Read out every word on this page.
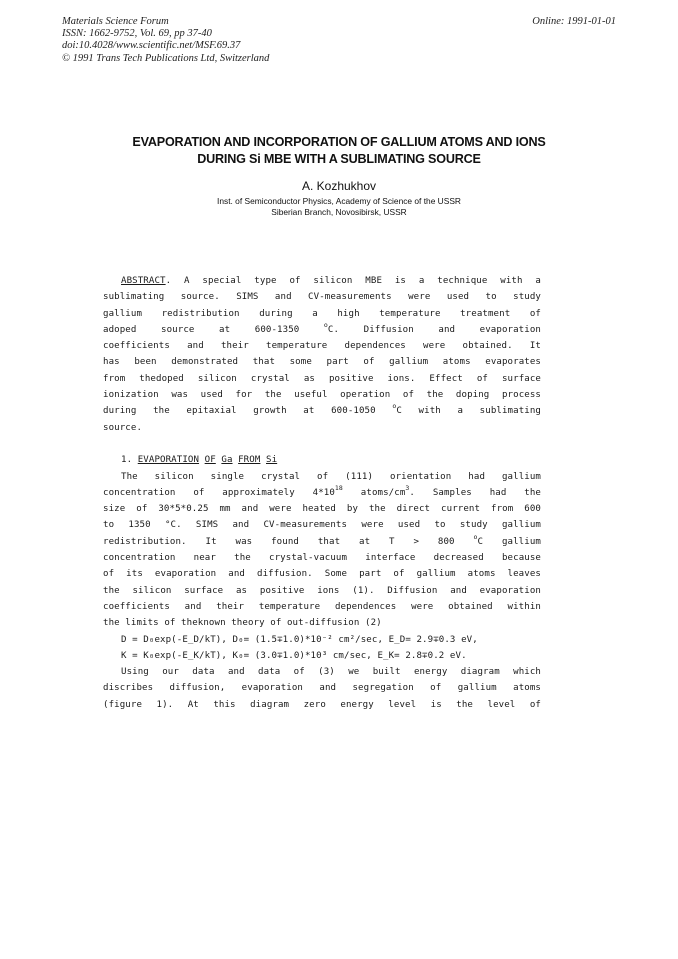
Materials Science Forum
ISSN: 1662-9752, Vol. 69, pp 37-40
doi:10.4028/www.scientific.net/MSF.69.37
© 1991 Trans Tech Publications Ltd, Switzerland
Online: 1991-01-01
EVAPORATION AND INCORPORATION OF GALLIUM ATOMS AND IONS
DURING Si MBE WITH A SUBLIMATING SOURCE
A. Kozhukhov
Inst. of Semiconductor Physics, Academy of Science of the USSR
Siberian Branch, Novosibirsk, USSR
ABSTRACT. A special type of silicon MBE is a technique with a
sublimating source. SIMS and CV-measurements were used to study
gallium redistribution during a high temperature treatment of
adoped source at 600-1350 $^o$C. Diffusion and evaporation
coefficients and their temperature dependences were obtained. It
has been demonstrated that some part of gallium atoms evaporates
from thedoped silicon crystal as positive ions. Effect of surface
ionization was used for the useful operation of the doping process
during the epitaxial growth at 600-1050 $^o$C with a sublimating
source.
1. EVAPORATION OF Ga FROM Si
The silicon single crystal of (111) orientation had gallium
concentration of approximately $4*10^{18}$ atoms/$cm^3$. Samples had the
size of 30*5*0.25 mm and were heated by the direct current from 600
to 1350 °C. SIMS and CV-measurements were used to study gallium
redistribution. It was found that at T > 800 $^o$C gallium
concentration near the crystal-vacuum interface decreased because
of its evaporation and diffusion. Some part of gallium atoms leaves
the silicon surface as positive ions (1). Diffusion and evaporation
coefficients and their temperature dependences were obtained within
the limits of theknown theory of out-diffusion (2)
D = D₀exp(-E_D/kT), D₀= (1.5∓1.0)*10⁻² cm²/sec, E_D= 2.9∓0.3 eV,
K = K₀exp(-E_K/kT), K₀= (3.0∓1.0)*10³ cm/sec, E_K= 2.8∓0.2 eV.
Using our data and data of (3) we built energy diagram which
discribes diffusion, evaporation and segregation of gallium atoms
(figure 1). At this diagram zero energy level is the level of
